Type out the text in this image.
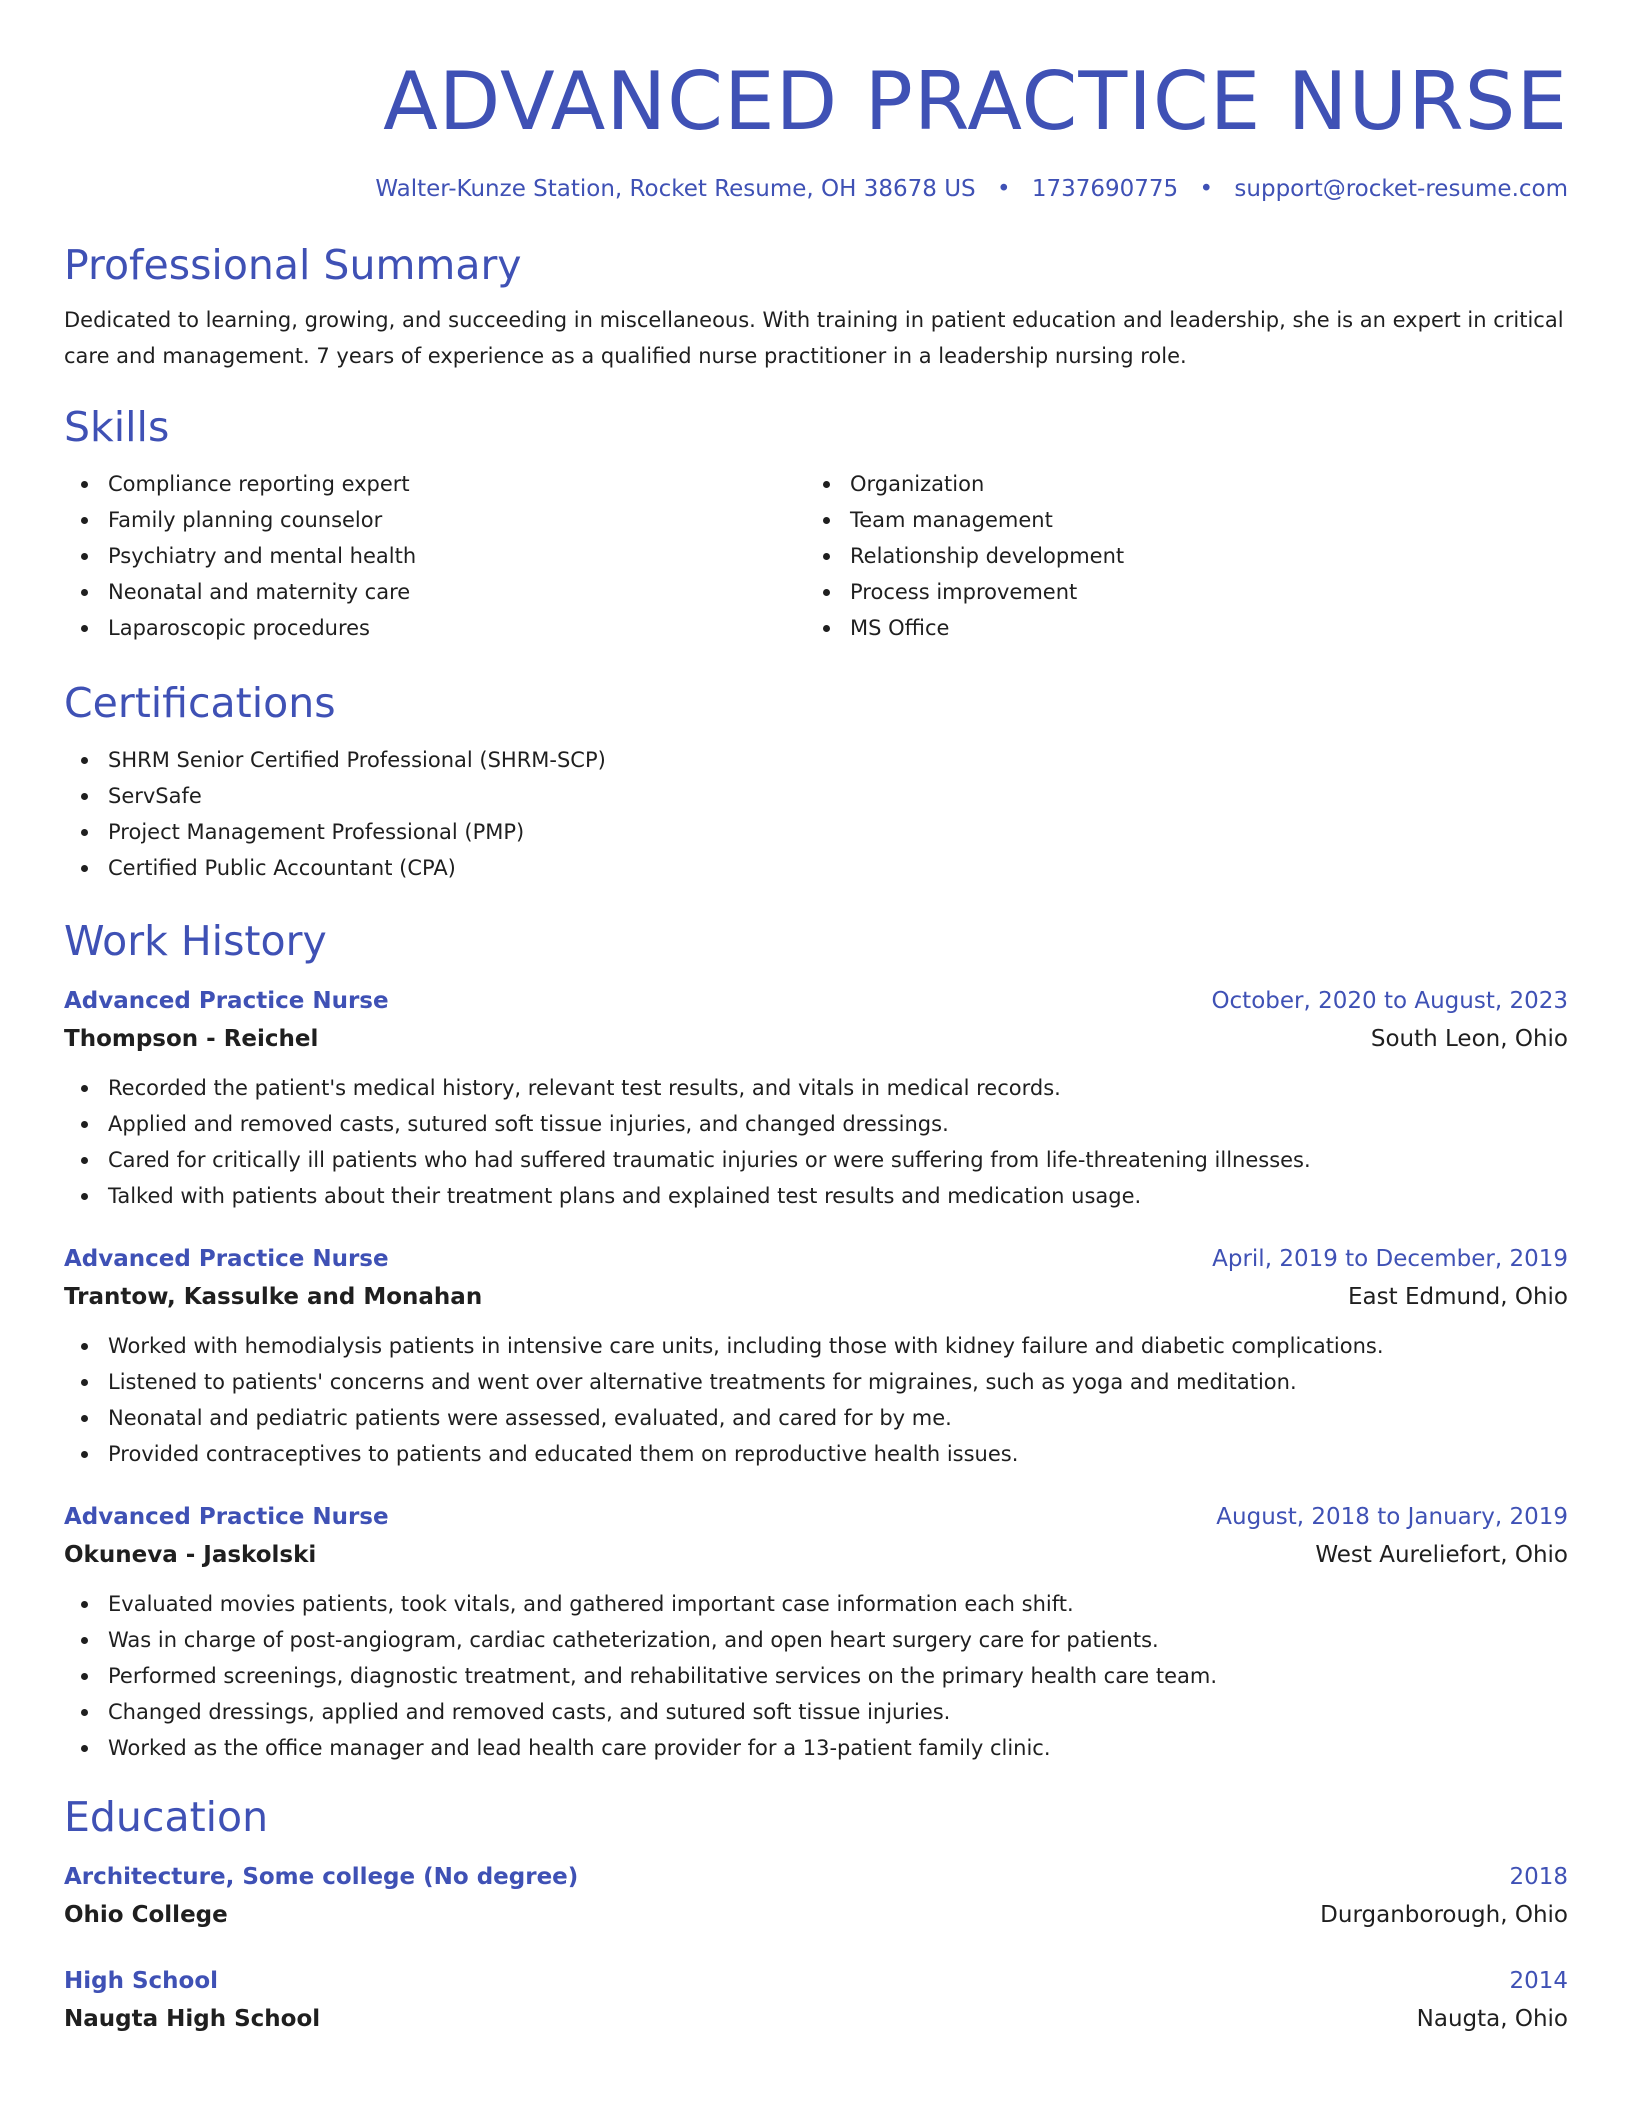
ADVANCED PRACTICE NURSE
Walter-Kunze Station, Rocket Resume, OH 38678 US • 1737690775 • support@rocket-resume.com
Professional Summary

Dedicated to learning, growing, and succeeding in miscellaneous. With training in patient education and leadership, she is an expert in critical care and management. 7 years of experience as a qualified nurse practitioner in a leadership nursing role.

Skills
Compliance reporting expert
Family planning counselor
Psychiatry and mental health
Neonatal and maternity care
Laparoscopic procedures
Organization
Team management
Relationship development
Process improvement
MS Office
Certifications
SHRM Senior Certified Professional (SHRM-SCP)
ServSafe
Project Management Professional (PMP)
Certified Public Accountant (CPA)
Work History
Advanced Practice Nurse	October, 2020 to August, 2023
Thompson - Reichel	South Leon, Ohio
Recorded the patient's medical history, relevant test results, and vitals in medical records.
Applied and removed casts, sutured soft tissue injuries, and changed dressings.
Cared for critically ill patients who had suffered traumatic injuries or were suffering from life-threatening illnesses.
Talked with patients about their treatment plans and explained test results and medication usage.
Advanced Practice Nurse	April, 2019 to December, 2019
Trantow, Kassulke and Monahan	East Edmund, Ohio
Worked with hemodialysis patients in intensive care units, including those with kidney failure and diabetic complications.
Listened to patients' concerns and went over alternative treatments for migraines, such as yoga and meditation.
Neonatal and pediatric patients were assessed, evaluated, and cared for by me.
Provided contraceptives to patients and educated them on reproductive health issues.
Advanced Practice Nurse	August, 2018 to January, 2019
Okuneva - Jaskolski	West Aureliefort, Ohio
Evaluated movies patients, took vitals, and gathered important case information each shift.
Was in charge of post-angiogram, cardiac catheterization, and open heart surgery care for patients.
Performed screenings, diagnostic treatment, and rehabilitative services on the primary health care team.
Changed dressings, applied and removed casts, and sutured soft tissue injuries.
Worked as the office manager and lead health care provider for a 13-patient family clinic.
Education
Architecture, Some college (No degree)	2018
Ohio College	Durganborough, Ohio
High School	2014
Naugta High School	Naugta, Ohio
